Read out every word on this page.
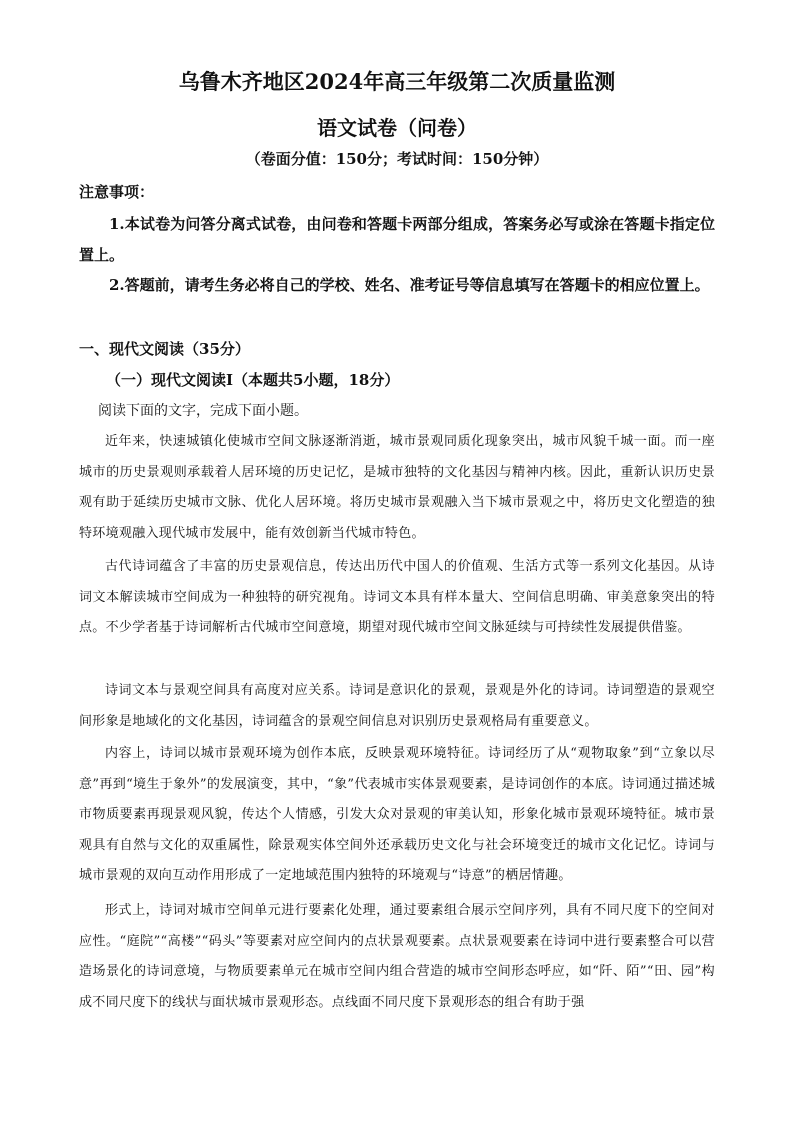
乌鲁木齐地区2024年高三年级第二次质量监测
语文试卷（问卷）
（卷面分值：150分；考试时间：150分钟）
注意事项：
1.本试卷为问答分离式试卷，由问卷和答题卡两部分组成，答案务必写或涂在答题卡指定位置上。
2.答题前，请考生务必将自己的学校、姓名、准考证号等信息填写在答题卡的相应位置上。
一、现代文阅读（35分）
（一）现代文阅读Ⅰ（本题共5小题，18分）
阅读下面的文字，完成下面小题。
近年来，快速城镇化使城市空间文脉逐渐消逝，城市景观同质化现象突出，城市风貌千城一面。而一座城市的历史景观则承载着人居环境的历史记忆，是城市独特的文化基因与精神内核。因此，重新认识历史景观有助于延续历史城市文脉、优化人居环境。将历史城市景观融入当下城市景观之中，将历史文化塑造的独特环境观融入现代城市发展中，能有效创新当代城市特色。
古代诗词蕴含了丰富的历史景观信息，传达出历代中国人的价值观、生活方式等一系列文化基因。从诗词文本解读城市空间成为一种独特的研究视角。诗词文本具有样本量大、空间信息明确、审美意象突出的特点。不少学者基于诗词解析古代城市空间意境，期望对现代城市空间文脉延续与可持续性发展提供借鉴。
诗词文本与景观空间具有高度对应关系。诗词是意识化的景观，景观是外化的诗词。诗词塑造的景观空间形象是地域化的文化基因，诗词蕴含的景观空间信息对识别历史景观格局有重要意义。
内容上，诗词以城市景观环境为创作本底，反映景观环境特征。诗词经历了从“观物取象”到“立象以尽意”再到“境生于象外”的发展演变，其中，“象”代表城市实体景观要素，是诗词创作的本底。诗词通过描述城市物质要素再现景观风貌，传达个人情感，引发大众对景观的审美认知，形象化城市景观环境特征。城市景观具有自然与文化的双重属性，除景观实体空间外还承载历史文化与社会环境变迁的城市文化记忆。诗词与城市景观的双向互动作用形成了一定地域范围内独特的环境观与“诗意”的栖居情趣。
形式上，诗词对城市空间单元进行要素化处理，通过要素组合展示空间序列，具有不同尺度下的空间对应性。“庭院”“高楼”“码头”等要素对应空间内的点状景观要素。点状景观要素在诗词中进行要素整合可以营造场景化的诗词意境，与物质要素单元在城市空间内组合营造的城市空间形态呼应，如“阡、陌”“田、园”构成不同尺度下的线状与面状城市景观形态。点线面不同尺度下景观形态的组合有助于强
